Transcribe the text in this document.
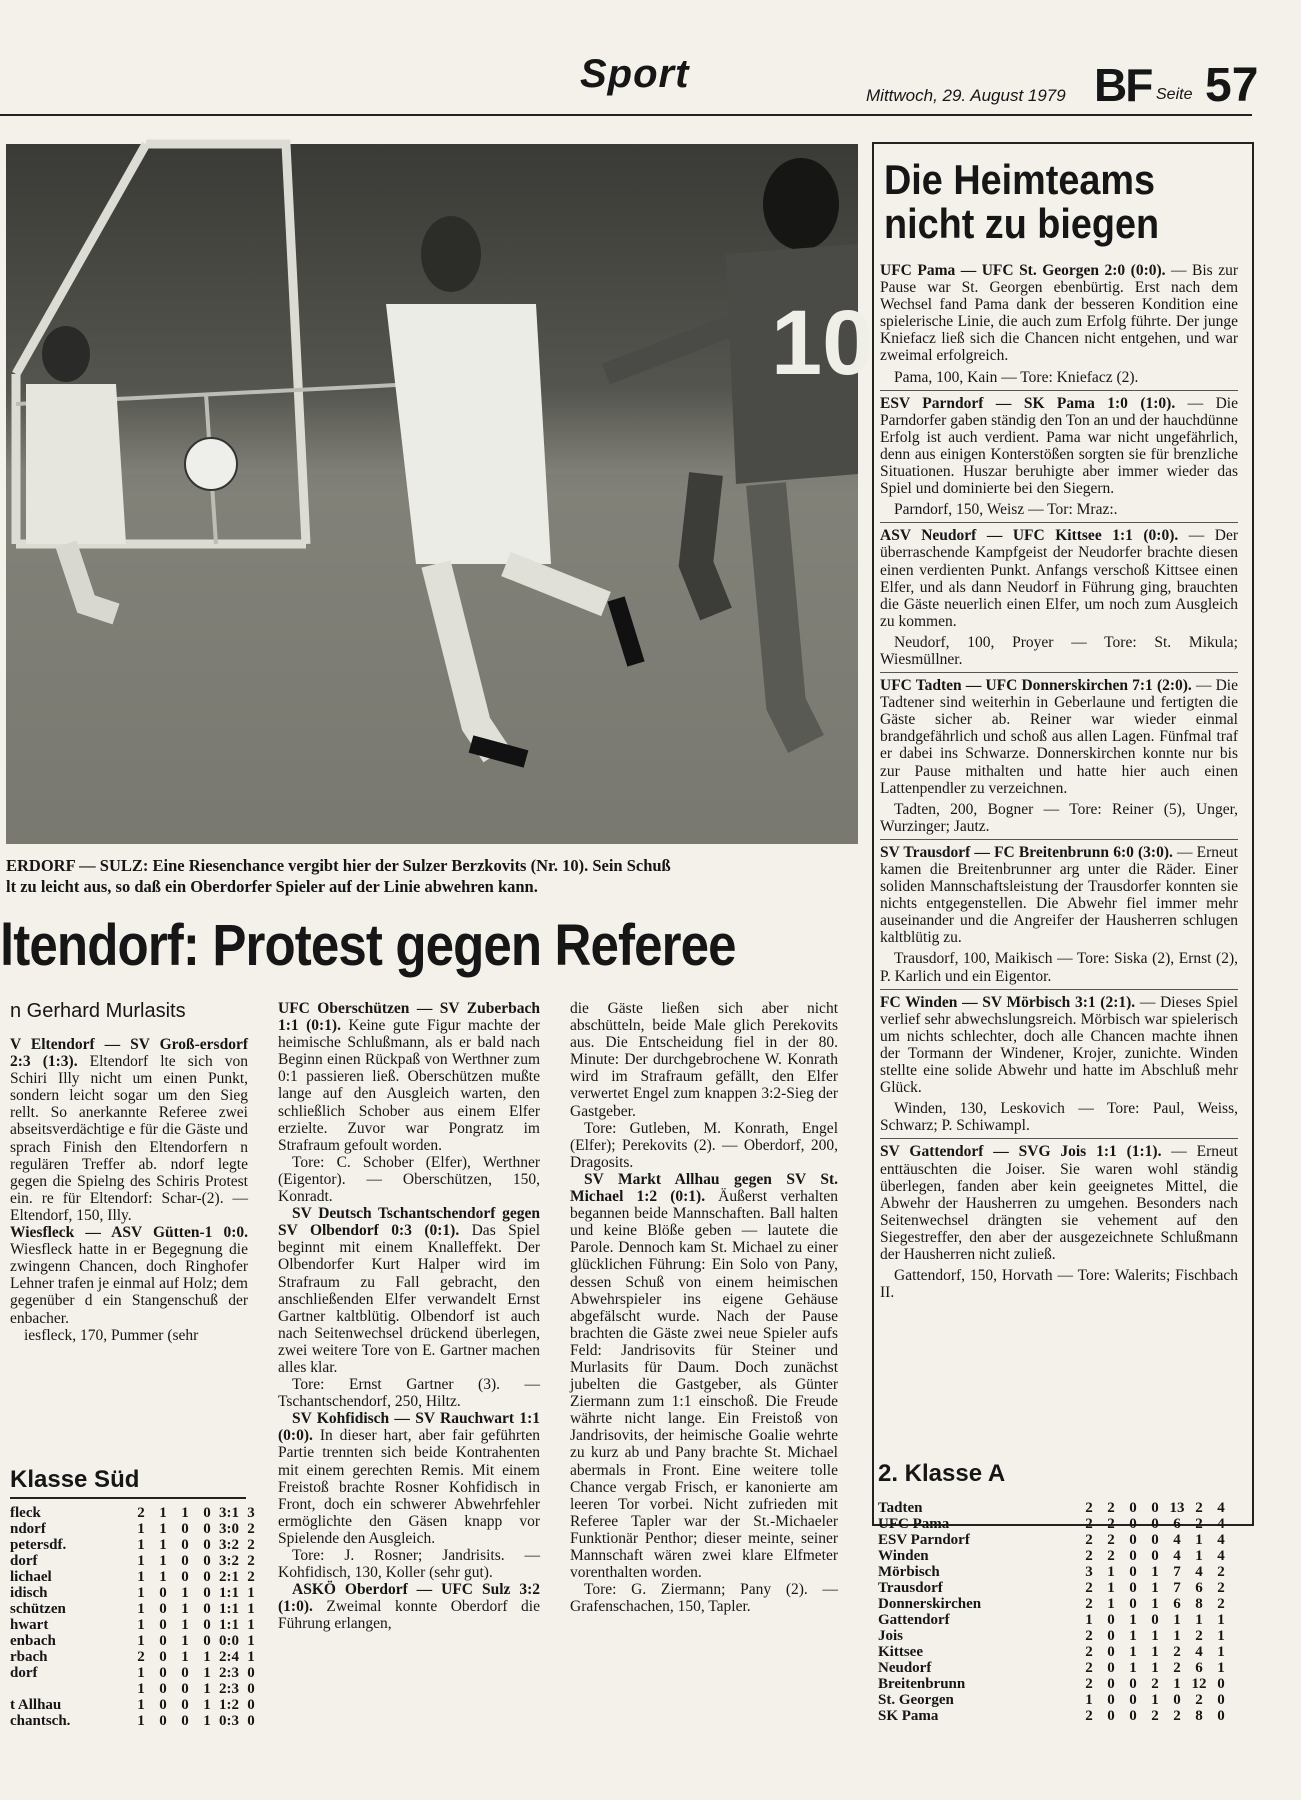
Sport	Mittwoch, 29. August 1979 BF Seite 57
10
ERDORF — SULZ: Eine Riesenchance vergibt hier der Sulzer Berzkovits (Nr. 10). Sein Schuß
lt zu leicht aus, so daß ein Oberdorfer Spieler auf der Linie abwehren kann.
ltendorf: Protest gegen Referee
n Gerhard Murlasits

V Eltendorf — SV Groß-ersdorf 2:3 (1:3). Eltendorf lte sich von Schiri Illy nicht um einen Punkt, sondern leicht sogar um den Sieg rellt. So anerkannte Referee zwei abseitsverdächtige e für die Gäste und sprach Finish den Eltendorfern n regulären Treffer ab. ndorf legte gegen die Spielng des Schiris Protest ein. re für Eltendorf: Schar-(2). — Eltendorf, 150, Illy.

Wiesfleck — ASV Gütten-1 0:0. Wiesfleck hatte in er Begegnung die zwingenn Chancen, doch Ringhofer Lehner trafen je einmal auf Holz; dem gegenüber d ein Stangenschuß der enbacher.

iesfleck, 170, Pummer (sehr

Klasse Süd
fleck	2	1	1	0	3:1	3
ndorf	1	1	0	0	3:0	2
petersdf.	1	1	0	0	3:2	2
dorf	1	1	0	0	3:2	2
lichael	1	1	0	0	2:1	2
idisch	1	0	1	0	1:1	1
schützen	1	0	1	0	1:1	1
hwart	1	0	1	0	1:1	1
enbach	1	0	1	0	0:0	1
rbach	2	0	1	1	2:4	1
dorf	1	0	0	1	2:3	0
	1	0	0	1	2:3	0
t Allhau	1	0	0	1	1:2	0
chantsch.	1	0	0	1	0:3	0

UFC Oberschützen — SV Zuberbach 1:1 (0:1). Keine gute Figur machte der heimische Schlußmann, als er bald nach Beginn einen Rückpaß von Werthner zum 0:1 passieren ließ. Oberschützen mußte lange auf den Ausgleich warten, den schließlich Schober aus einem Elfer erzielte. Zuvor war Pongratz im Strafraum gefoult worden.

Tore: C. Schober (Elfer), Werthner (Eigentor). — Oberschützen, 150, Konradt.

SV Deutsch Tschantschendorf gegen SV Olbendorf 0:3 (0:1). Das Spiel beginnt mit einem Knalleffekt. Der Olbendorfer Kurt Halper wird im Strafraum zu Fall gebracht, den anschließenden Elfer verwandelt Ernst Gartner kaltblütig. Olbendorf ist auch nach Seitenwechsel drückend überlegen, zwei weitere Tore von E. Gartner machen alles klar.

Tore: Ernst Gartner (3). — Tschantschendorf, 250, Hiltz.

SV Kohfidisch — SV Rauchwart 1:1 (0:0). In dieser hart, aber fair geführten Partie trennten sich beide Kontrahenten mit einem gerechten Remis. Mit einem Freistoß brachte Rosner Kohfidisch in Front, doch ein schwerer Abwehrfehler ermöglichte den Gäsen knapp vor Spielende den Ausgleich.

Tore: J. Rosner; Jandrisits. — Kohfidisch, 130, Koller (sehr gut).

ASKÖ Oberdorf — UFC Sulz 3:2 (1:0). Zweimal konnte Oberdorf die Führung erlangen,

die Gäste ließen sich aber nicht abschütteln, beide Male glich Perekovits aus. Die Entscheidung fiel in der 80. Minute: Der durchgebrochene W. Konrath wird im Strafraum gefällt, den Elfer verwertet Engel zum knappen 3:2-Sieg der Gastgeber.

Tore: Gutleben, M. Konrath, Engel (Elfer); Perekovits (2). — Oberdorf, 200, Dragosits.

SV Markt Allhau gegen SV St. Michael 1:2 (0:1). Äußerst verhalten begannen beide Mannschaften. Ball halten und keine Blöße geben — lautete die Parole. Dennoch kam St. Michael zu einer glücklichen Führung: Ein Solo von Pany, dessen Schuß von einem heimischen Abwehrspieler ins eigene Gehäuse abgefälscht wurde. Nach der Pause brachten die Gäste zwei neue Spieler aufs Feld: Jandrisovits für Steiner und Murlasits für Daum. Doch zunächst jubelten die Gastgeber, als Günter Ziermann zum 1:1 einschoß. Die Freude währte nicht lange. Ein Freistoß von Jandrisovits, der heimische Goalie wehrte zu kurz ab und Pany brachte St. Michael abermals in Front. Eine weitere tolle Chance vergab Frisch, er kanonierte am leeren Tor vorbei. Nicht zufrieden mit Referee Tapler war der St.-Michaeler Funktionär Penthor; dieser meinte, seiner Mannschaft wären zwei klare Elfmeter vorenthalten worden.

Tore: G. Ziermann; Pany (2). — Grafenschachen, 150, Tapler.

Die Heimteams nicht zu biegen

UFC Pama — UFC St. Georgen 2:0 (0:0). — Bis zur Pause war St. Georgen ebenbürtig. Erst nach dem Wechsel fand Pama dank der besseren Kondition eine spielerische Linie, die auch zum Erfolg führte. Der junge Kniefacz ließ sich die Chancen nicht entgehen, und war zweimal erfolgreich.

Pama, 100, Kain — Tore: Kniefacz (2).

ESV Parndorf — SK Pama 1:0 (1:0). — Die Parndorfer gaben ständig den Ton an und der hauchdünne Erfolg ist auch verdient. Pama war nicht ungefährlich, denn aus einigen Konterstößen sorgten sie für brenzliche Situationen. Huszar beruhigte aber immer wieder das Spiel und dominierte bei den Siegern.

Parndorf, 150, Weisz — Tor: Mraz:.

ASV Neudorf — UFC Kittsee 1:1 (0:0). — Der überraschende Kampfgeist der Neudorfer brachte diesen einen verdienten Punkt. Anfangs verschoß Kittsee einen Elfer, und als dann Neudorf in Führung ging, brauchten die Gäste neuerlich einen Elfer, um noch zum Ausgleich zu kommen.

Neudorf, 100, Proyer — Tore: St. Mikula; Wiesmüllner.

UFC Tadten — UFC Donnerskirchen 7:1 (2:0). — Die Tadtener sind weiterhin in Geberlaune und fertigten die Gäste sicher ab. Reiner war wieder einmal brandgefährlich und schoß aus allen Lagen. Fünfmal traf er dabei ins Schwarze. Donnerskirchen konnte nur bis zur Pause mithalten und hatte hier auch einen Lattenpendler zu verzeichnen.

Tadten, 200, Bogner — Tore: Reiner (5), Unger, Wurzinger; Jautz.

SV Trausdorf — FC Breitenbrunn 6:0 (3:0). — Erneut kamen die Breitenbrunner arg unter die Räder. Einer soliden Mannschaftsleistung der Trausdorfer konnten sie nichts entgegenstellen. Die Abwehr fiel immer mehr auseinander und die Angreifer der Hausherren schlugen kaltblütig zu.

Trausdorf, 100, Maikisch — Tore: Siska (2), Ernst (2), P. Karlich und ein Eigentor.

FC Winden — SV Mörbisch 3:1 (2:1). — Dieses Spiel verlief sehr abwechslungsreich. Mörbisch war spielerisch um nichts schlechter, doch alle Chancen machte ihnen der Tormann der Windener, Krojer, zunichte. Winden stellte eine solide Abwehr und hatte im Abschluß mehr Glück.

Winden, 130, Leskovich — Tore: Paul, Weiss, Schwarz; P. Schiwampl.

SV Gattendorf — SVG Jois 1:1 (1:1). — Erneut enttäuschten die Joiser. Sie waren wohl ständig überlegen, fanden aber kein geeignetes Mittel, die Abwehr der Hausherren zu umgehen. Besonders nach Seitenwechsel drängten sie vehement auf den Siegestreffer, den aber der ausgezeichnete Schlußmann der Hausherren nicht zuließ.

Gattendorf, 150, Horvath — Tore: Walerits; Fischbach II.

2. Klasse A
Tadten	2	2	0	0	13	2	4
UFC Pama	2	2	0	0	6	2	4
ESV Parndorf	2	2	0	0	4	1	4
Winden	2	2	0	0	4	1	4
Mörbisch	3	1	0	1	7	4	2
Trausdorf	2	1	0	1	7	6	2
Donnerskirchen	2	1	0	1	6	8	2
Gattendorf	1	0	1	0	1	1	1
Jois	2	0	1	1	1	2	1
Kittsee	2	0	1	1	2	4	1
Neudorf	2	0	1	1	2	6	1
Breitenbrunn	2	0	0	2	1	12	0
St. Georgen	1	0	0	1	0	2	0
SK Pama	2	0	0	2	2	8	0
